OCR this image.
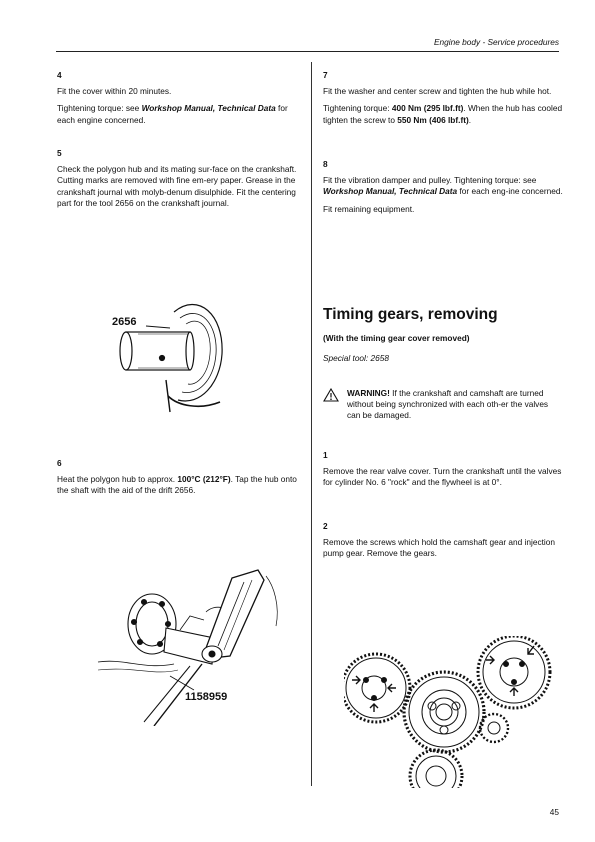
Engine body - Service procedures

4

Fit the cover within 20 minutes.

Tightening torque: see Workshop Manual, Technical Data for each engine concerned.

5

Check the polygon hub and its mating sur-face on the crankshaft. Cutting marks are removed with fine em-ery paper. Grease in the crankshaft journal with molyb-denum disulphide. Fit the centering part for the tool 2656 on the crankshaft journal.

2656

6

Heat the polygon hub to approx. 100°C (212°F). Tap the hub onto the shaft with the aid of the drift 2656.

1158959

7

Fit the washer and center screw and tighten the hub while hot.

Tightening torque: 400 Nm (295 lbf.ft). When the hub has cooled tighten the screw to 550 Nm (406 lbf.ft).

8

Fit the vibration damper and pulley. Tightening torque: see Workshop Manual, Technical Data for each eng-ine concerned.

Fit remaining equipment.

Timing gears, removing
(With the timing gear cover removed)
Special tool: 2658
WARNING! If the crankshaft and camshaft are turned without being synchronized with each oth-er the valves can be damaged.

1

Remove the rear valve cover. Turn the crankshaft until the valves for cylinder No. 6 "rock" and the flywheel is at 0°.

2

Remove the screws which hold the camshaft gear and injection pump gear. Remove the gears.

45
